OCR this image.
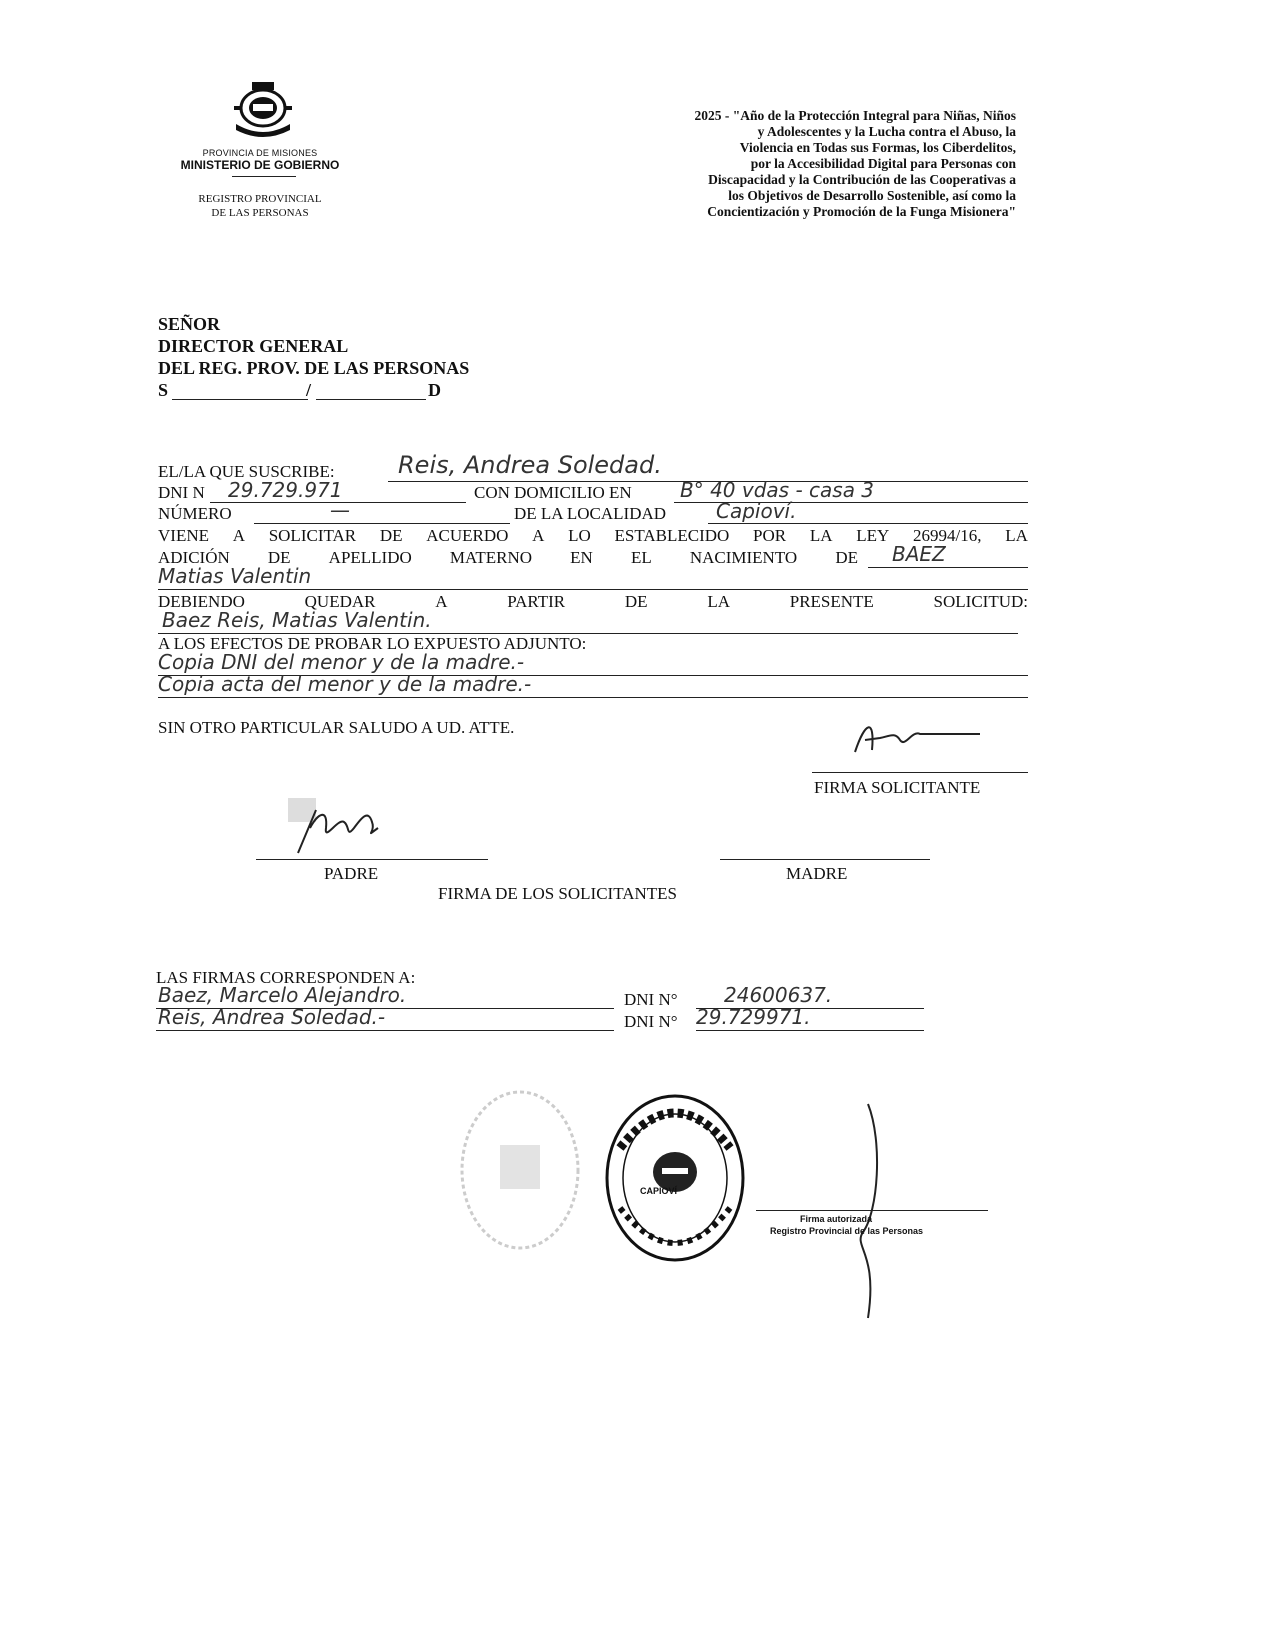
PROVINCIA DE MISIONES
MINISTERIO DE GOBIERNO
REGISTRO PROVINCIAL
DE LAS PERSONAS
2025 - "Año de la Protección Integral para Niñas, Niños
y Adolescentes y la Lucha contra el Abuso, la
Violencia en Todas sus Formas, los Ciberdelitos,
por la Accesibilidad Digital para Personas con
Discapacidad y la Contribución de las Cooperativas a
los Objetivos de Desarrollo Sostenible, así como la
Concientización y Promoción de la Funga Misionera"
SEÑOR
DIRECTOR GENERAL
DEL REG. PROV. DE LAS PERSONAS
S	/	D
EL/LA QUE SUSCRIBE:	Reis, Andrea Soledad.
DNI N 29.729.971	CON DOMICILIO EN B° 40 vdas - casa 3
NÚMERO	—	DE LA LOCALIDAD Capioví.
VIENE A SOLICITAR DE ACUERDO A LO ESTABLECIDO POR LA LEY 26994/16, LA
ADICIÓN DE APELLIDO MATERNO EN EL NACIMIENTO DE BAEZ
Matias Valentin
DEBIENDO	QUEDAR	A	PARTIR	DE	LA	PRESENTE	SOLICITUD:
Baez Reis, Matias Valentin.
A LOS EFECTOS DE PROBAR LO EXPUESTO ADJUNTO:
Copia DNI del menor y de la madre.-
Copia acta del menor y de la madre.-
SIN OTRO PARTICULAR SALUDO A UD. ATTE.
FIRMA SOLICITANTE
PADRE	MADRE
FIRMA DE LOS SOLICITANTES
LAS FIRMAS CORRESPONDEN A:
Baez, Marcelo Alejandro.	DNI N° 24600637.
Reis, Andrea Soledad.-	DNI N° 29.729971.
CAPIOVÍ
Firma autorizada
Registro Provincial de las Personas
